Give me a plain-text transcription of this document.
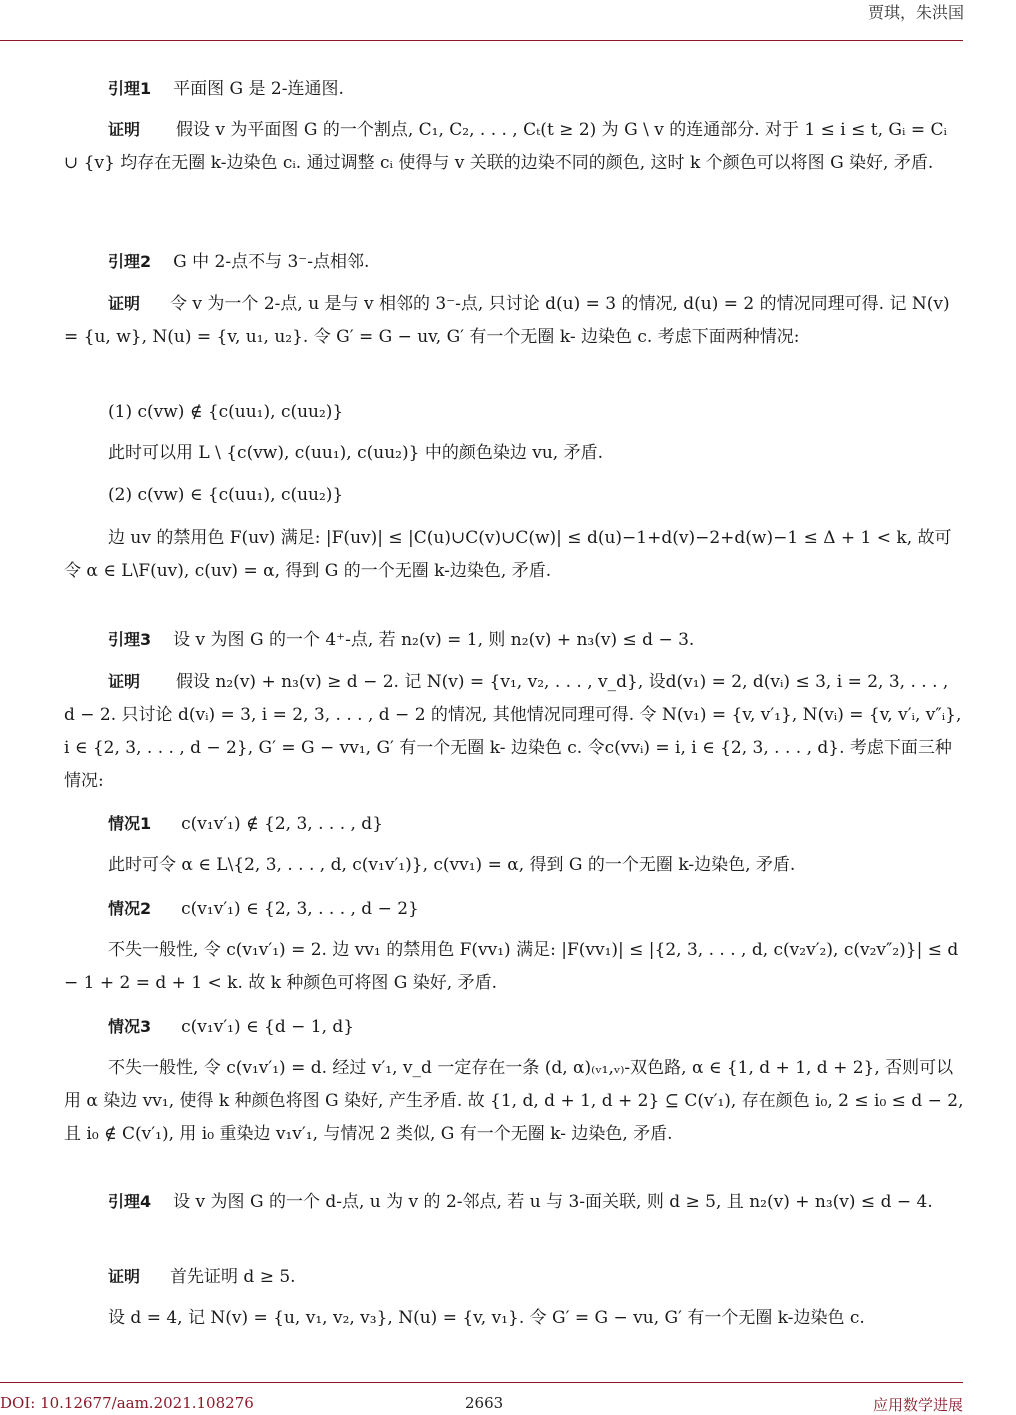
贾琪，朱洪国

引理1 平面图 G 是 2-连通图.

证明 假设 v 为平面图 G 的一个割点, C₁, C₂, . . . , Cₜ(t ≥ 2) 为 G \ v 的连通部分. 对于 1 ≤ i ≤ t, Gᵢ = Cᵢ ∪ {v} 均存在无圈 k-边染色 cᵢ. 通过调整 cᵢ 使得与 v 关联的边染不同的颜色, 这时 k 个颜色可以将图 G 染好, 矛盾.

引理2 G 中 2-点不与 3⁻-点相邻.

证明 令 v 为一个 2-点, u 是与 v 相邻的 3⁻-点, 只讨论 d(u) = 3 的情况, d(u) = 2 的情况同理可得. 记 N(v) = {u, w}, N(u) = {v, u₁, u₂}. 令 G′ = G − uv, G′ 有一个无圈 k- 边染色 c. 考虑下面两种情况:

(1) c(vw) ∉ {c(uu₁), c(uu₂)}

此时可以用 L \ {c(vw), c(uu₁), c(uu₂)} 中的颜色染边 vu, 矛盾.

(2) c(vw) ∈ {c(uu₁), c(uu₂)}

边 uv 的禁用色 F(uv) 满足: |F(uv)| ≤ |C(u)∪C(v)∪C(w)| ≤ d(u)−1+d(v)−2+d(w)−1 ≤ Δ + 1 < k, 故可令 α ∈ L\F(uv), c(uv) = α, 得到 G 的一个无圈 k-边染色, 矛盾.

引理3 设 v 为图 G 的一个 4⁺-点, 若 n₂(v) = 1, 则 n₂(v) + n₃(v) ≤ d − 3.

证明 假设 n₂(v) + n₃(v) ≥ d − 2. 记 N(v) = {v₁, v₂, . . . , v_d}, 设d(v₁) = 2, d(vᵢ) ≤ 3, i = 2, 3, . . . , d − 2. 只讨论 d(vᵢ) = 3, i = 2, 3, . . . , d − 2 的情况, 其他情况同理可得. 令 N(v₁) = {v, v′₁}, N(vᵢ) = {v, v′ᵢ, v″ᵢ}, i ∈ {2, 3, . . . , d − 2}, G′ = G − vv₁, G′ 有一个无圈 k- 边染色 c. 令c(vvᵢ) = i, i ∈ {2, 3, . . . , d}. 考虑下面三种情况:

情况1 c(v₁v′₁) ∉ {2, 3, . . . , d}

此时可令 α ∈ L\{2, 3, . . . , d, c(v₁v′₁)}, c(vv₁) = α, 得到 G 的一个无圈 k-边染色, 矛盾.

情况2 c(v₁v′₁) ∈ {2, 3, . . . , d − 2}

不失一般性, 令 c(v₁v′₁) = 2. 边 vv₁ 的禁用色 F(vv₁) 满足: |F(vv₁)| ≤ |{2, 3, . . . , d, c(v₂v′₂), c(v₂v″₂)}| ≤ d − 1 + 2 = d + 1 < k. 故 k 种颜色可将图 G 染好, 矛盾.

情况3 c(v₁v′₁) ∈ {d − 1, d}

不失一般性, 令 c(v₁v′₁) = d. 经过 v′₁, v_d 一定存在一条 (d, α)₍ᵥ₁,ᵥ₎-双色路, α ∈ {1, d + 1, d + 2}, 否则可以用 α 染边 vv₁, 使得 k 种颜色将图 G 染好, 产生矛盾. 故 {1, d, d + 1, d + 2} ⊆ C(v′₁), 存在颜色 i₀, 2 ≤ i₀ ≤ d − 2, 且 i₀ ∉ C(v′₁), 用 i₀ 重染边 v₁v′₁, 与情况 2 类似, G 有一个无圈 k- 边染色, 矛盾.

引理4 设 v 为图 G 的一个 d-点, u 为 v 的 2-邻点, 若 u 与 3-面关联, 则 d ≥ 5, 且 n₂(v) + n₃(v) ≤ d − 4.

证明 首先证明 d ≥ 5.

设 d = 4, 记 N(v) = {u, v₁, v₂, v₃}, N(u) = {v, v₁}. 令 G′ = G − vu, G′ 有一个无圈 k-边染色 c.

DOI: 10.12677/aam.2021.108276	2663	应用数学进展
